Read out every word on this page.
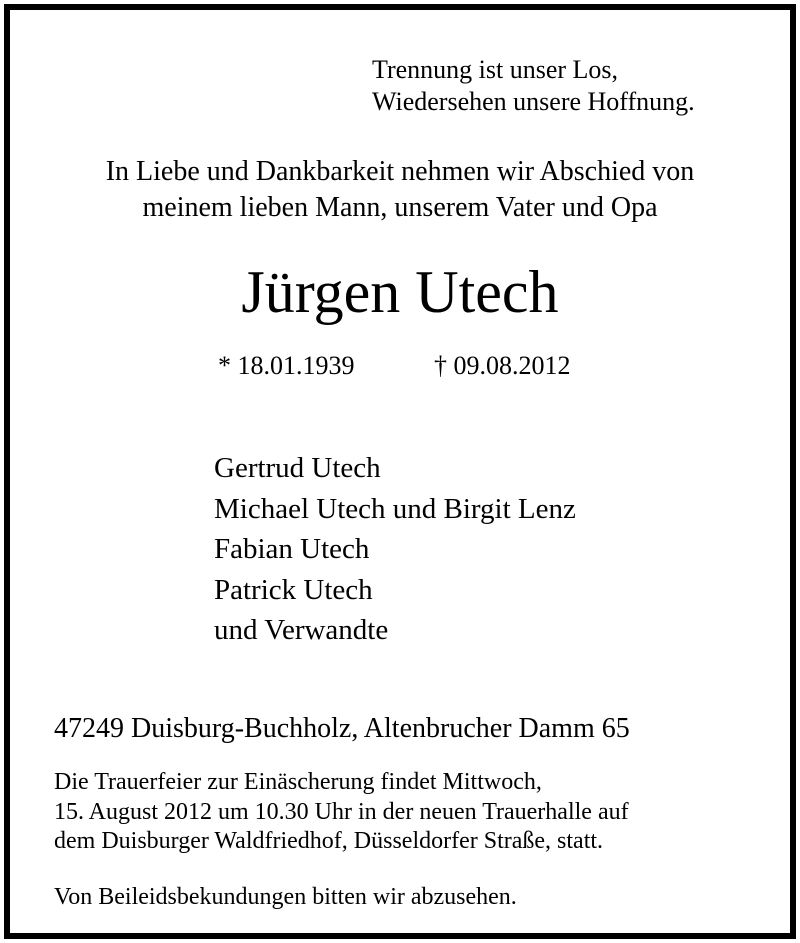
Trennung ist unser Los,
Wiedersehen unsere Hoffnung.
In Liebe und Dankbarkeit nehmen wir Abschied von
meinem lieben Mann, unserem Vater und Opa
Jürgen Utech
* 18.01.1939	† 09.08.2012
Gertrud Utech
Michael Utech und Birgit Lenz
Fabian Utech
Patrick Utech
und Verwandte
47249 Duisburg-Buchholz, Altenbrucher Damm 65
Die Trauerfeier zur Einäscherung findet Mittwoch,
15. August 2012 um 10.30 Uhr in der neuen Trauerhalle auf
dem Duisburger Waldfriedhof, Düsseldorfer Straße, statt.
Von Beileidsbekundungen bitten wir abzusehen.
